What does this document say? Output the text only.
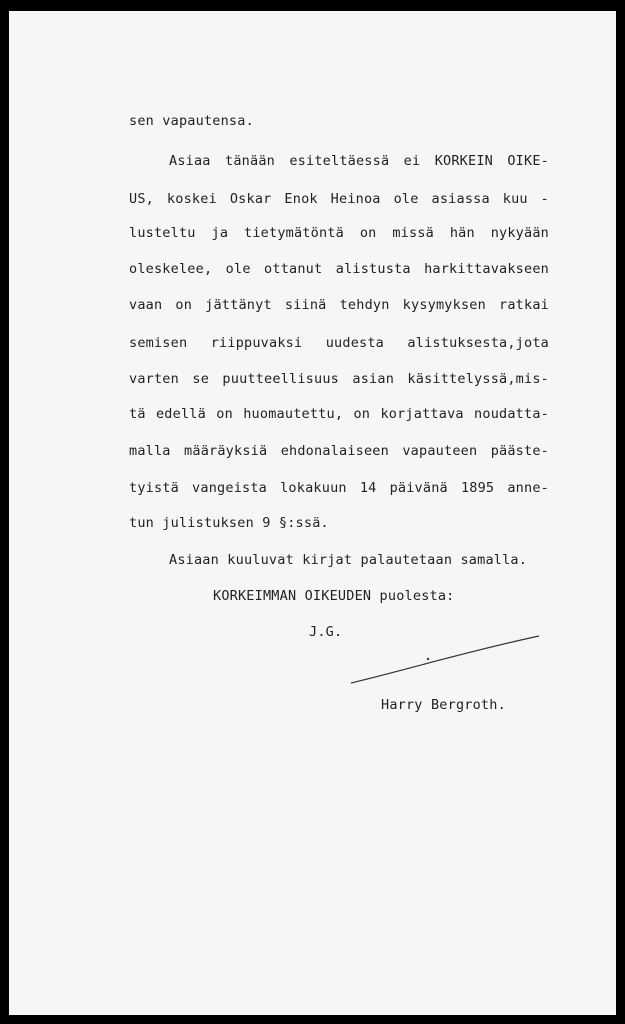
sen vapautensa.
Asiaa tänään esiteltäessä ei KORKEIN OIKE-
US, koskei Oskar Enok Heinoa ole asiassa kuu -
lusteltu ja tietymätöntä on missä hän nykyään
oleskelee, ole ottanut alistusta harkittavakseen
vaan on jättänyt siinä tehdyn kysymyksen ratkai
semisen riippuvaksi uudesta alistuksesta,jota
varten se puutteellisuus asian käsittelyssä,mis-
tä edellä on huomautettu, on korjattava noudatta-
malla määräyksiä ehdonalaiseen vapauteen pääste-
tyistä vangeista lokakuun 14 päivänä 1895 anne-
tun julistuksen 9 §:ssä.
Asiaan kuuluvat kirjat palautetaan samalla.
KORKEIMMAN OIKEUDEN puolesta:
J.G.
Harry Bergroth.
